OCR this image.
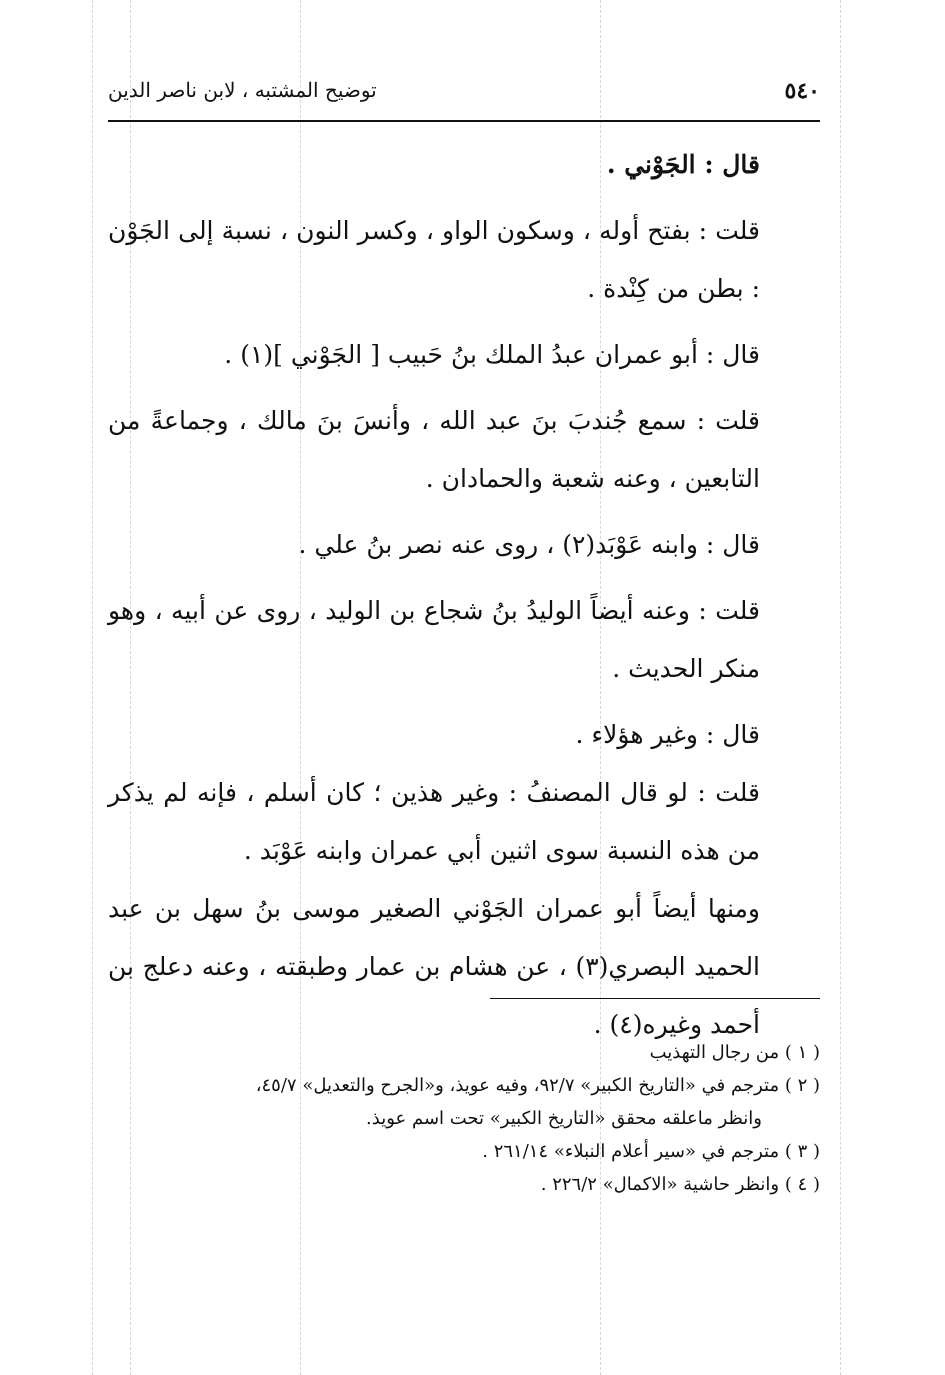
٥٤٠
توضيح المشتبه ، لابن ناصر الدين

قال : الجَوْني .

قلت : بفتح أوله ، وسكون الواو ، وكسر النون ، نسبة إلى الجَوْن : بطن من كِنْدة .

قال : أبو عمران عبدُ الملك بنُ حَبيب [ الجَوْني ](١) .

قلت : سمع جُندبَ بنَ عبد الله ، وأنسَ بنَ مالك ، وجماعةً من التابعين ، وعنه شعبة والحمادان .

قال : وابنه عَوْبَد(٢) ، روى عنه نصر بنُ علي .

قلت : وعنه أيضاً الوليدُ بنُ شجاع بن الوليد ، روى عن أبيه ، وهو منكر الحديث .

قال : وغير هؤلاء .

قلت : لو قال المصنفُ : وغير هذين ؛ كان أسلم ، فإنه لم يذكر من هذه النسبة سوى اثنين أبي عمران وابنه عَوْبَد .

ومنها أيضاً أبو عمران الجَوْني الصغير موسى بنُ سهل بن عبد الحميد البصري(٣) ، عن هشام بن عمار وطبقته ، وعنه دعلج بن أحمد وغيره(٤) .

( ١ ) من رجال التهذيب

( ٢ ) مترجم في «التاريخ الكبير» ٩٢/٧، وفيه عويذ، و«الجرح والتعديل» ٤٥/٧،

وانظر ماعلقه محقق «التاريخ الكبير» تحت اسم عويذ.

( ٣ ) مترجم في «سير أعلام النبلاء» ٢٦١/١٤ .

( ٤ ) وانظر حاشية «الاكمال» ٢٢٦/٢ .
